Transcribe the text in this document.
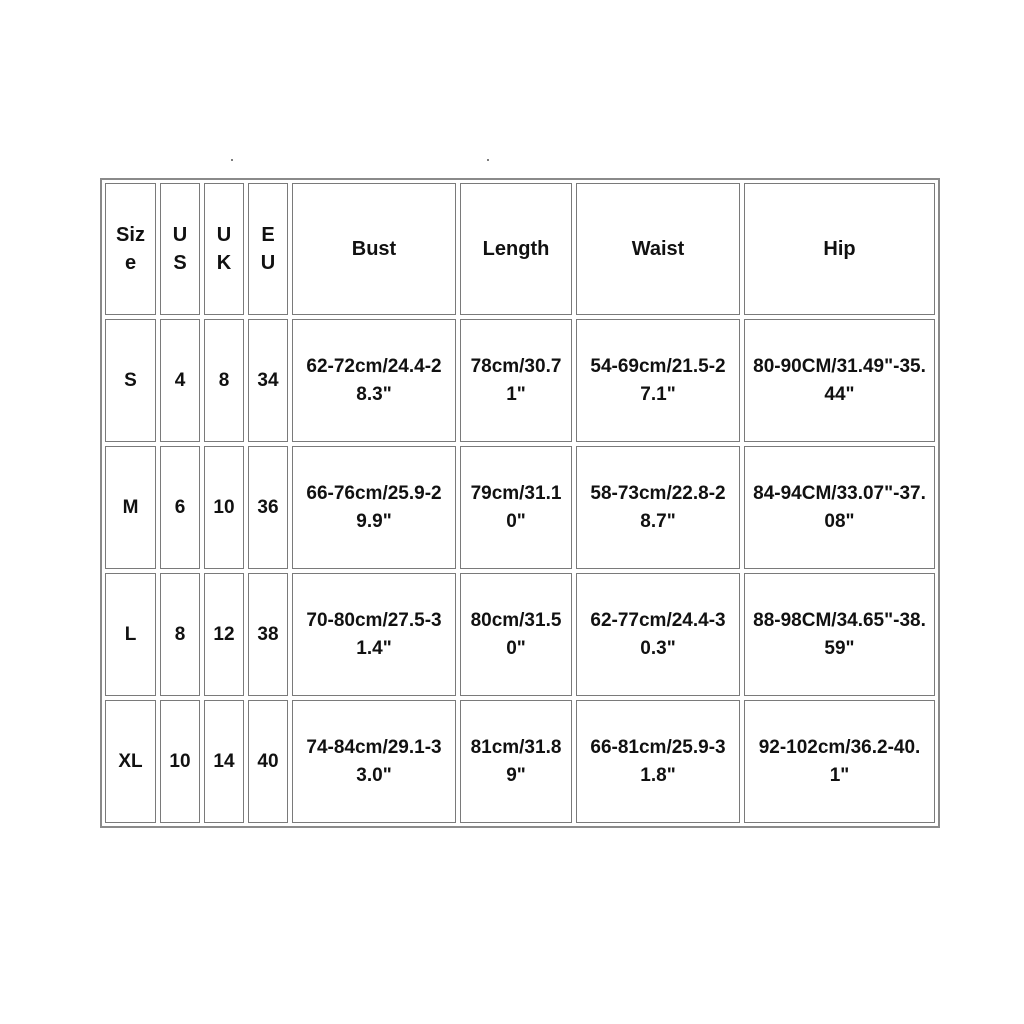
Size	US	UK	EU	Bust	Length	Waist	Hip
S	4	8	34	62-72cm/24.4-28.3"	78cm/30.71"	54-69cm/21.5-27.1"	80-90CM/31.49"-35.44"
M	6	10	36	66-76cm/25.9-29.9"	79cm/31.10"	58-73cm/22.8-28.7"	84-94CM/33.07"-37.08"
L	8	12	38	70-80cm/27.5-31.4"	80cm/31.50"	62-77cm/24.4-30.3"	88-98CM/34.65"-38.59"
XL	10	14	40	74-84cm/29.1-33.0"	81cm/31.89"	66-81cm/25.9-31.8"	92-102cm/36.2-40.1"
